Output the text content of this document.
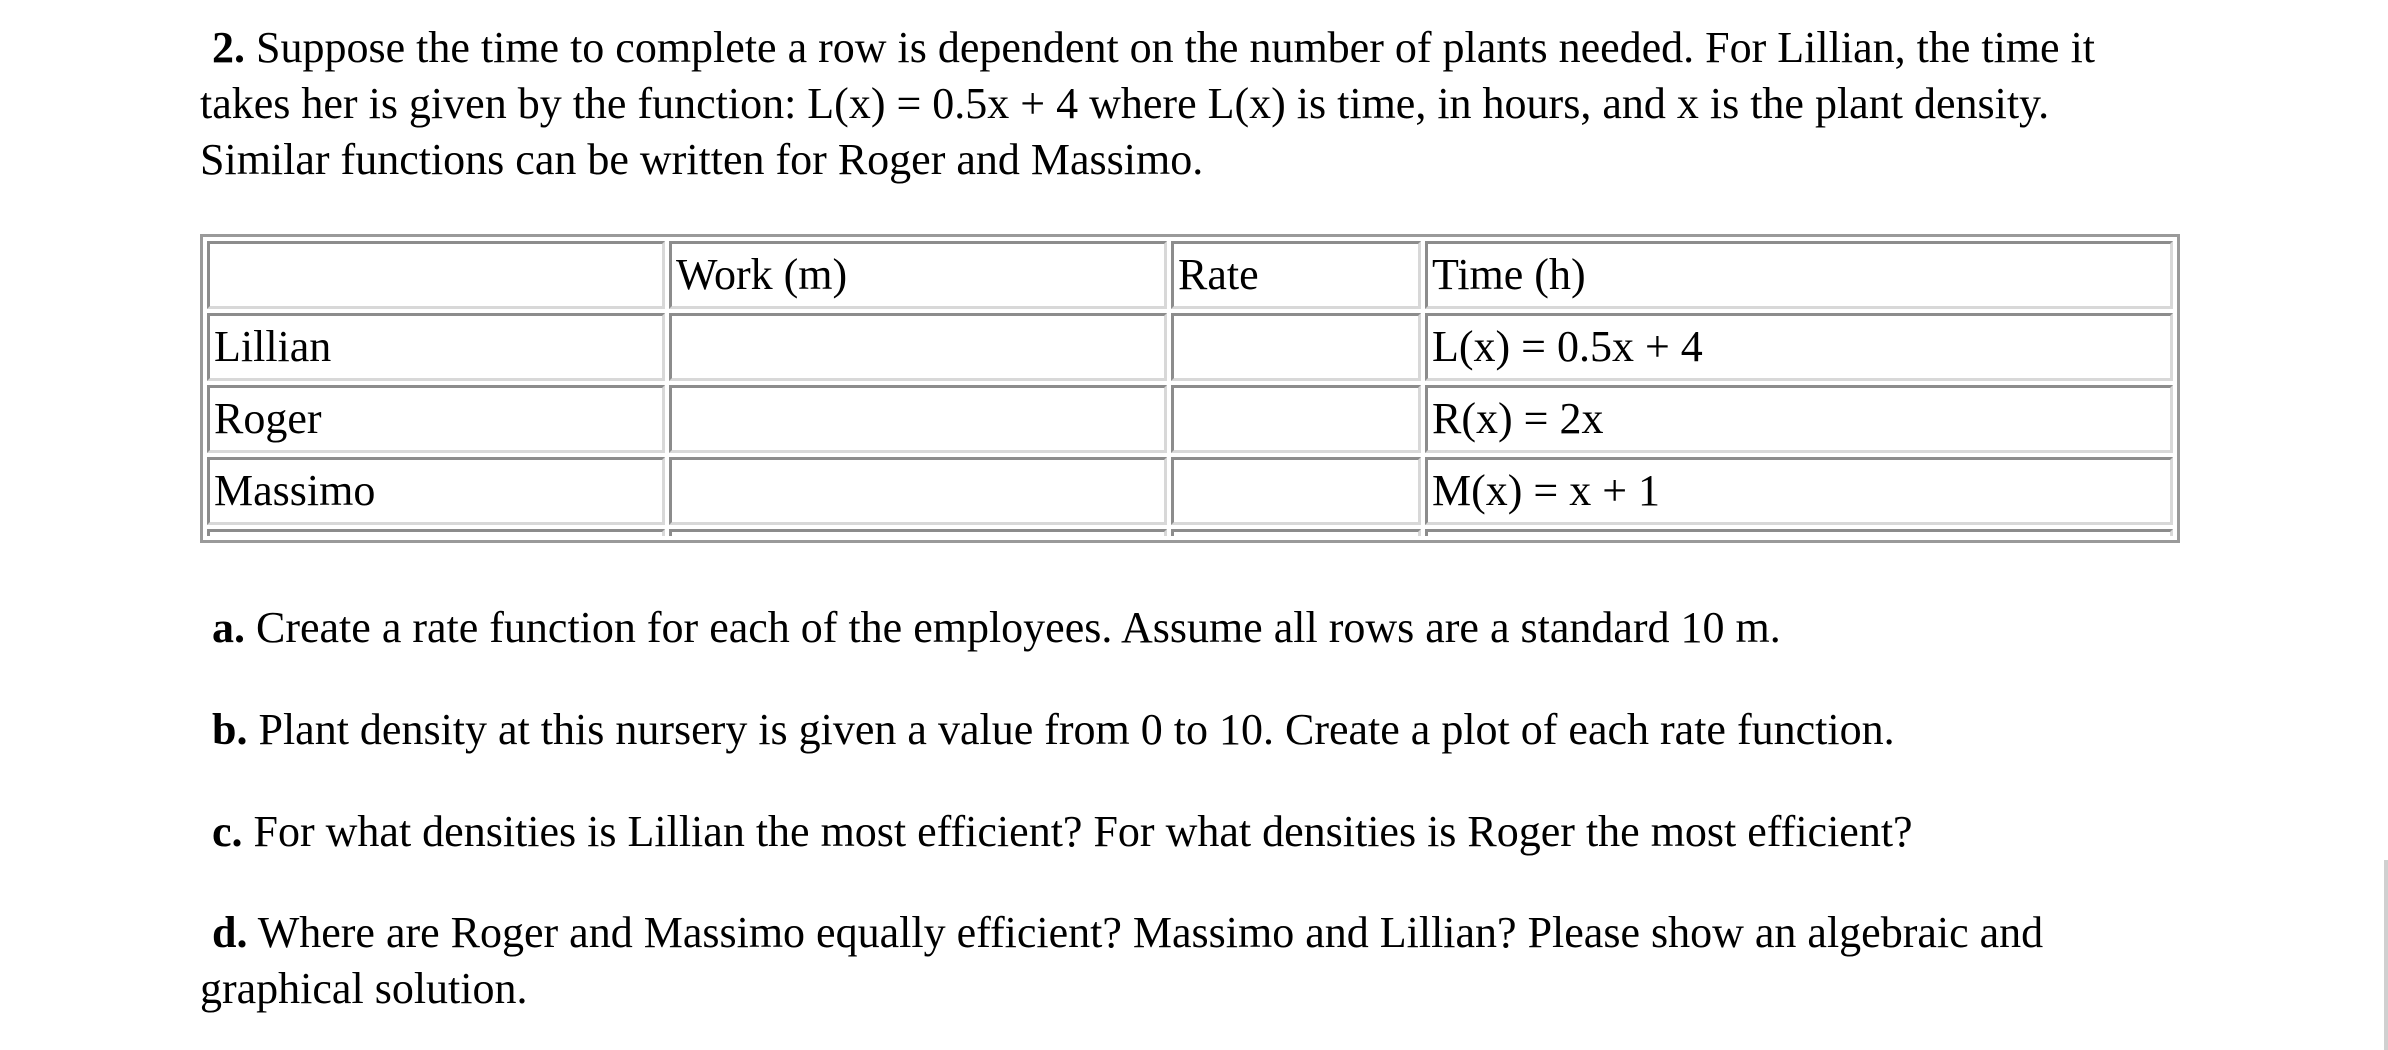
2. Suppose the time to complete a row is dependent on the number of plants needed. For Lillian, the time it
takes her is given by the function: L(x) = 0.5x + 4 where L(x) is time, in hours, and x is the plant density.
Similar functions can be written for Roger and Massimo.
	Work (m)	Rate	Time (h)
Lillian			L(x) = 0.5x + 4
Roger			R(x) = 2x
Massimo			M(x) = x + 1

a. Create a rate function for each of the employees. Assume all rows are a standard 10 m.
b. Plant density at this nursery is given a value from 0 to 10. Create a plot of each rate function.
c. For what densities is Lillian the most efficient? For what densities is Roger the most efficient?
d. Where are Roger and Massimo equally efficient? Massimo and Lillian? Please show an algebraic and
graphical solution.
